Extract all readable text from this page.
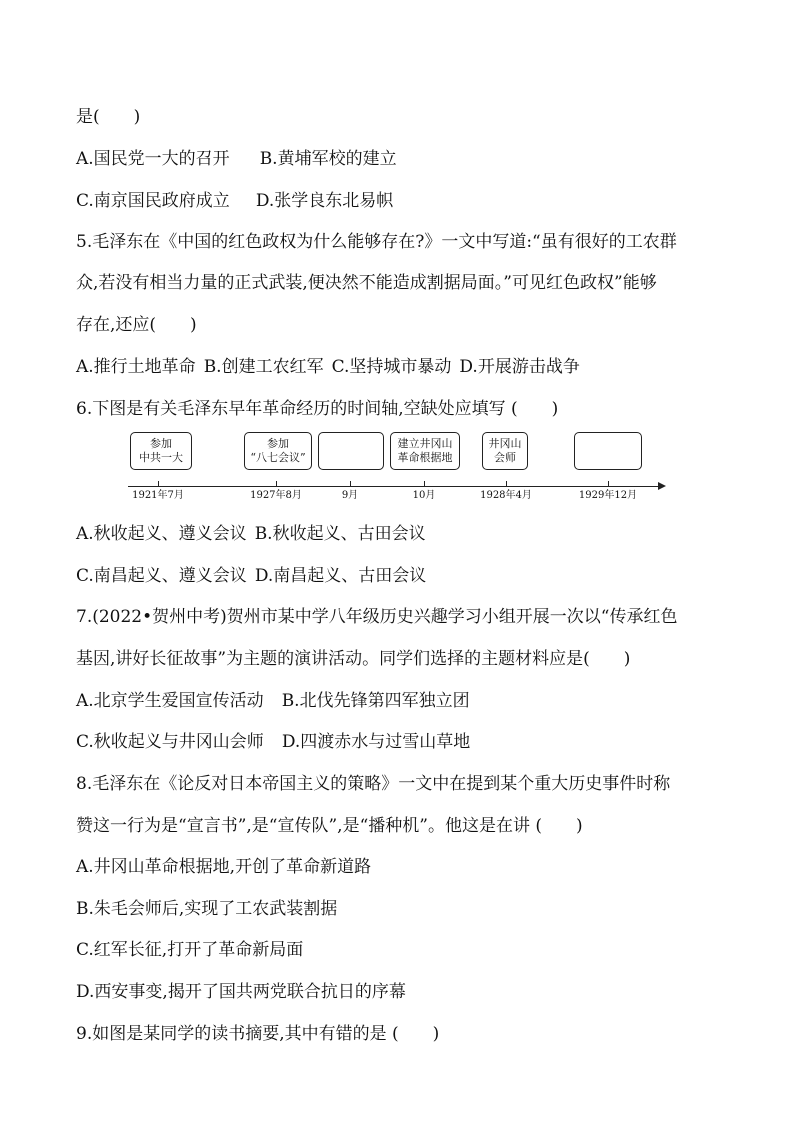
是(　　)
A.国民党一大的召开 B.黄埔军校的建立
C.南京国民政府成立 D.张学良东北易帜
5.毛泽东在《中国的红色政权为什么能够存在?》一文中写道:“虽有很好的工农群
众,若没有相当力量的正式武装,便决然不能造成割据局面。”可见红色政权”能够
存在,还应(　　)
A.推行土地革命 B.创建工农红军 C.坚持城市暴动 D.开展游击战争
6.下图是有关毛泽东早年革命经历的时间轴,空缺处应填写 (　　)
参加
中共一大
参加
“八七会议”
建立井冈山
革命根据地
井冈山
会师
1921年7月	1927年8月	9月	10月	1928年4月	1929年12月
A.秋收起义、遵义会议 B.秋收起义、古田会议
C.南昌起义、遵义会议 D.南昌起义、古田会议
7.(2022•贺州中考)贺州市某中学八年级历史兴趣学习小组开展一次以“传承红色
基因,讲好长征故事”为主题的演讲活动。同学们选择的主题材料应是(　　)
A.北京学生爱国宣传活动 B.北伐先锋第四军独立团
C.秋收起义与井冈山会师 D.四渡赤水与过雪山草地
8.毛泽东在《论反对日本帝国主义的策略》一文中在提到某个重大历史事件时称
赞这一行为是“宣言书”,是“宣传队”,是“播种机”。他这是在讲 (　　)
A.井冈山革命根据地,开创了革命新道路
B.朱毛会师后,实现了工农武装割据
C.红军长征,打开了革命新局面
D.西安事变,揭开了国共两党联合抗日的序幕
9.如图是某同学的读书摘要,其中有错的是 (　　)
